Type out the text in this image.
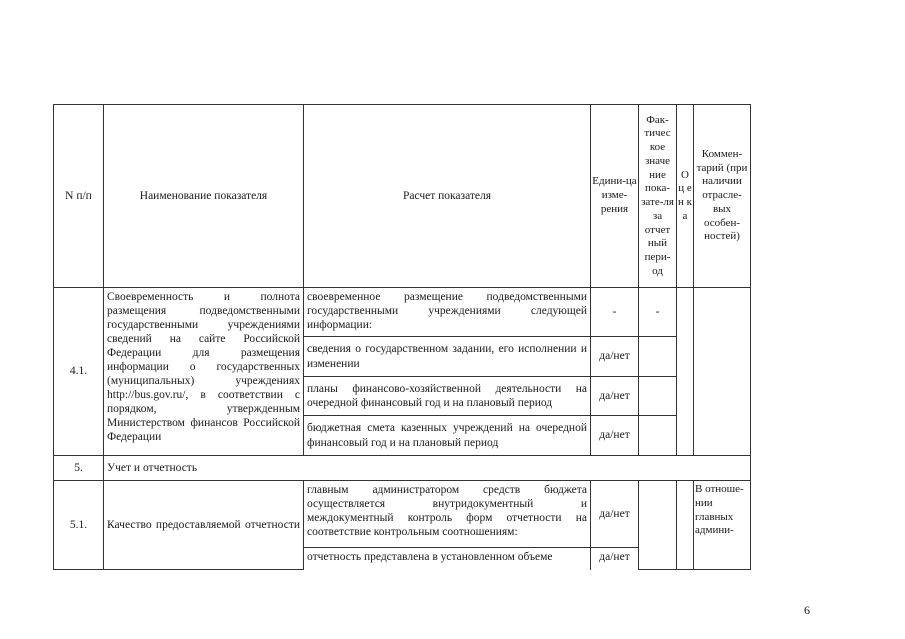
N п/п	Наименование показателя	Расчет показателя	Едини-ца изме-рения	Фак-тичес кое значе ние пока-зате-ля за отчет ный пери-од	О ц е н к а	Коммен-тарий (при наличии отрасле-вых особен-ностей)
4.1.	Своевременность и полнота размещения подведомственными государственными учреждениями сведений на сайте Российской Федерации для размещения информации о государственных (муниципальных) учреждениях http://bus.gov.ru/, в соответствии с порядком, утвержденным Министерством финансов Российской Федерации	своевременное размещение подведомственными государственными учреждениями следующей информации:	-	-		
		сведения о государственном задании, его исполнении и изменении	да/нет			
		планы финансово-хозяйственной деятельности на очередной финансовый год и на плановый период	да/нет			
		бюджетная смета казенных учреждений на очередной финансовый год и на плановый период	да/нет			
5.	Учет и отчетность					
5.1.	Качество предоставляемой отчетности	главным администратором средств бюджета осуществляется внутридокументный и междокументный контроль форм отчетности на соответствие контрольным соотношениям:	да/нет			В отноше-нии главных админи-
		отчетность представлена в установленном объеме	да/нет			
6
